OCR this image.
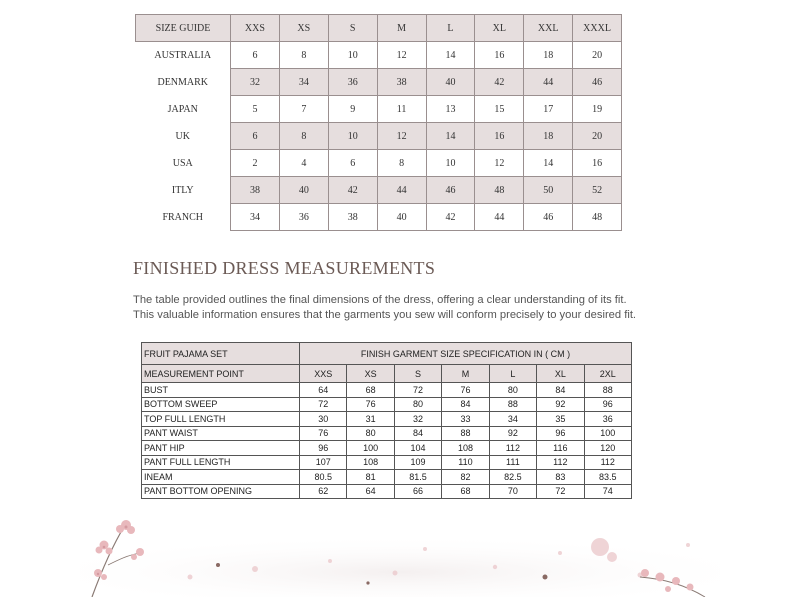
SIZE GUIDE	XXS	XS	S	M	L	XL	XXL	XXXL
AUSTRALIA	6	8	10	12	14	16	18	20
DENMARK	32	34	36	38	40	42	44	46
JAPAN	5	7	9	11	13	15	17	19
UK	6	8	10	12	14	16	18	20
USA	2	4	6	8	10	12	14	16
ITLY	38	40	42	44	46	48	50	52
FRANCH	34	36	38	40	42	44	46	48
FINISHED DRESS MEASUREMENTS

The table provided outlines the final dimensions of the dress, offering a clear understanding of its fit.
This valuable information ensures that the garments you sew will conform precisely to your desired fit.

FRUIT PAJAMA SET	FINISH GARMENT SIZE SPECIFICATION IN ( CM )						
MEASUREMENT POINT	XXS	XS	S	M	L	XL	2XL
BUST	64	68	72	76	80	84	88
BOTTOM SWEEP	72	76	80	84	88	92	96
TOP FULL LENGTH	30	31	32	33	34	35	36
PANT WAIST	76	80	84	88	92	96	100
PANT HIP	96	100	104	108	112	116	120
PANT FULL LENGTH	107	108	109	110	111	112	112
INEAM	80.5	81	81.5	82	82.5	83	83.5
PANT BOTTOM OPENING	62	64	66	68	70	72	74
